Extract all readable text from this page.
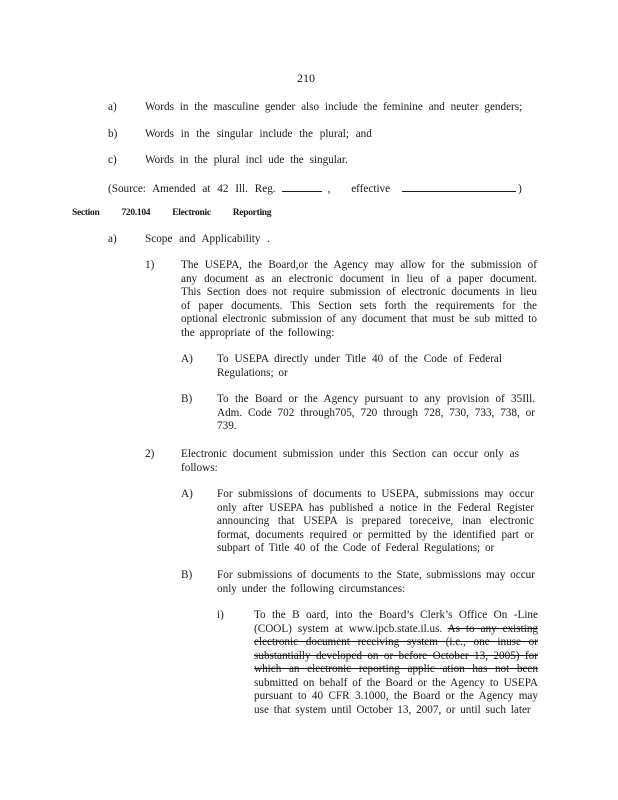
210
a)	Words in the masculine gender also include the feminine and neuter genders;
b) Words in the singular include the plural; and
c)	Words in the plural incl ude the singular.
(Source: Amended at 42 Ill. Reg.	, effective	)
Section 720.104 Electronic Reporting
a)	Scope and Applicability .
1) The USEPA, the Board,or the Agency may allow for the submission of any document as an electronic document in lieu of a paper document. This Section does not require submission of electronic documents in lieu of paper documents. This Section sets forth the requirements for the optional electronic submission of any document that must be sub mitted to the appropriate of the following:
A) To USEPA directly under Title 40 of the Code of Federal Regulations; or
B) To the Board or the Agency pursuant to any provision of 35Ill. Adm. Code 702 through705, 720 through 728, 730, 733, 738, or 739.
2) Electronic document submission under this Section can occur only as follows:
A) For submissions of documents to USEPA, submissions may occur only after USEPA has published a notice in the Federal Register announcing that USEPA is prepared toreceive, inan electronic format, documents required or permitted by the identified part or subpart of Title 40 of the Code of Federal Regulations; or
B) For submissions of documents to the State, submissions may occur only under the following circumstances:
i)	To the B oard, into the Board’s Clerk’s Office On -Line (COOL) system at www.ipcb.state.il.us. As to any existing electronic document receiving system (i.e., one inuse or substantially developed on or before October 13, 2005) for which an electronic reporting applic ation has not been submitted on behalf of the Board or the Agency to USEPA pursuant to 40 CFR 3.1000, the Board or the Agency may use that system until October 13, 2007, or until such later
